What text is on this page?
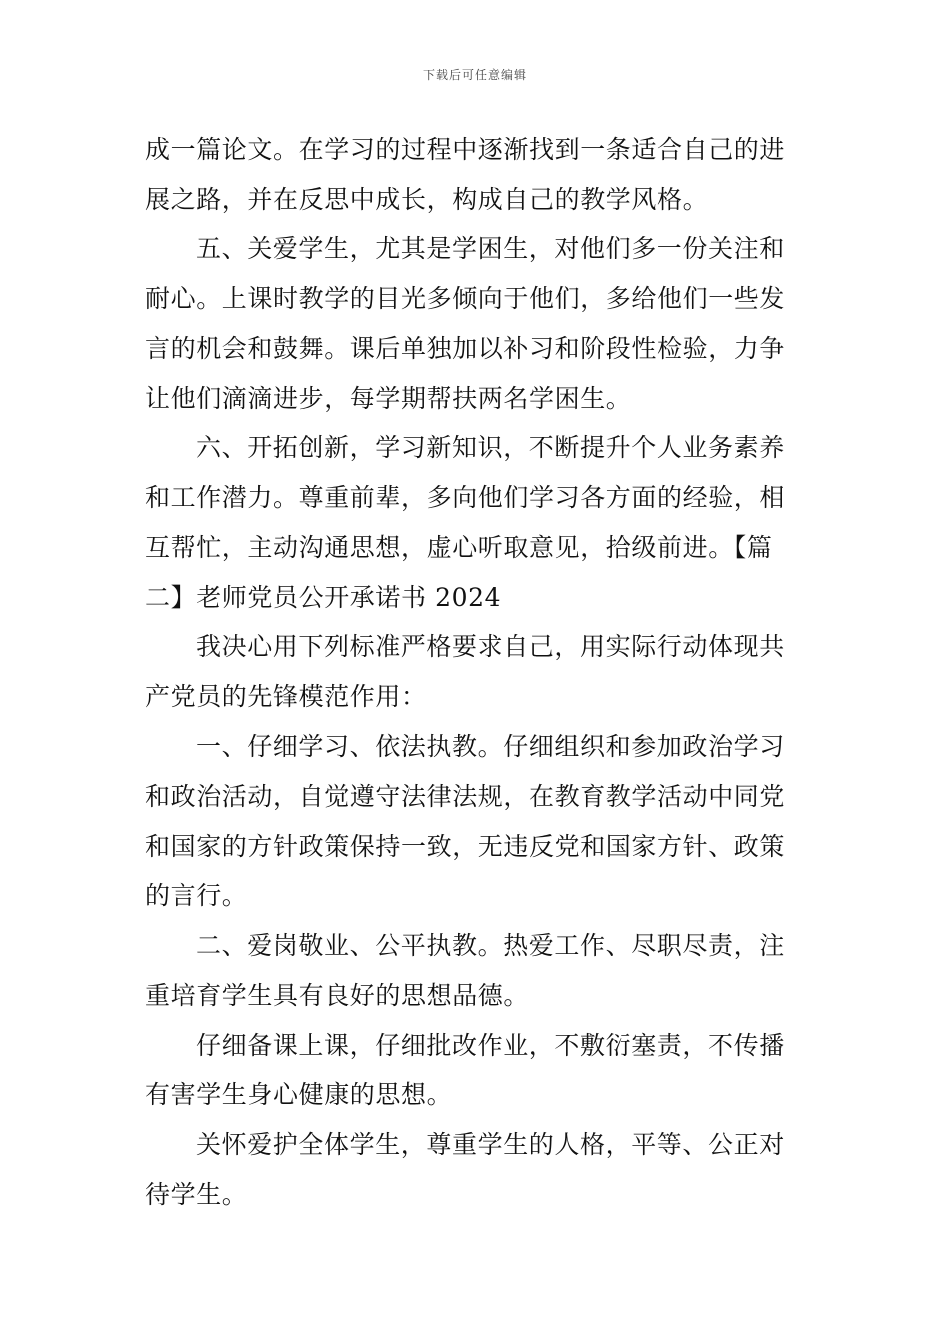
下载后可任意编辑
成一篇论文。在学习的过程中逐渐找到一条适合自己的进
展之路，并在反思中成长，构成自己的教学风格。
五、关爱学生，尤其是学困生，对他们多一份关注和
耐心。上课时教学的目光多倾向于他们，多给他们一些发
言的机会和鼓舞。课后单独加以补习和阶段性检验，力争
让他们滴滴进步，每学期帮扶两名学困生。
六、开拓创新，学习新知识，不断提升个人业务素养
和工作潜力。尊重前辈，多向他们学习各方面的经验，相
互帮忙，主动沟通思想，虚心听取意见，拾级前进。【篇
二】老师党员公开承诺书 2024
我决心用下列标准严格要求自己，用实际行动体现共
产党员的先锋模范作用：
一、仔细学习、依法执教。仔细组织和参加政治学习
和政治活动，自觉遵守法律法规，在教育教学活动中同党
和国家的方针政策保持一致，无违反党和国家方针、政策
的言行。
二、爱岗敬业、公平执教。热爱工作、尽职尽责，注
重培育学生具有良好的思想品德。
仔细备课上课，仔细批改作业，不敷衍塞责，不传播
有害学生身心健康的思想。
关怀爱护全体学生，尊重学生的人格，平等、公正对
待学生。
